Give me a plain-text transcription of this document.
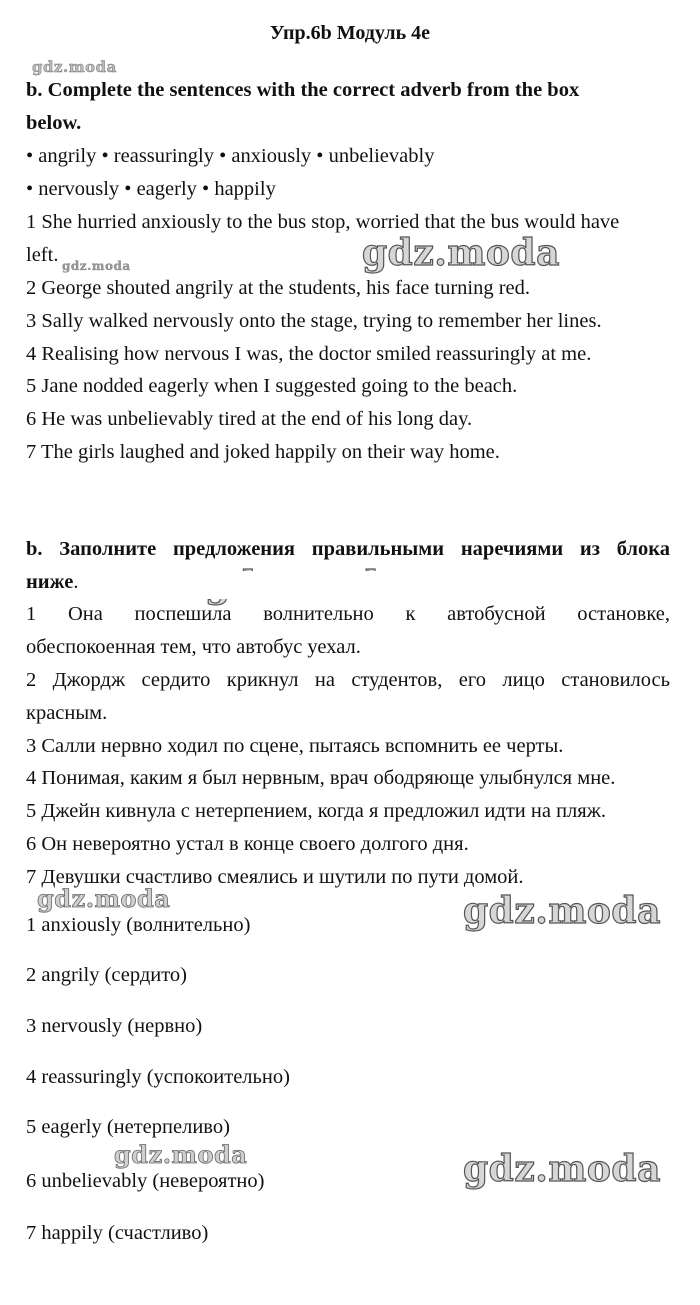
Упр.6b Модуль 4e
gdz.moda
gdz.moda
gdz.moda
gdz.moda	gdz.moda
gdz.moda	gdz.moda
b. Complete the sentences with the correct adverb from the box
below.
• angrily • reassuringly • anxiously • unbelievably
• nervously • eagerly • happily
1 She hurried anxiously to the bus stop, worried that the bus would have
left.
2 George shouted angrily at the students, his face turning red.
3 Sally walked nervously onto the stage, trying to remember her lines.
4 Realising how nervous I was, the doctor smiled reassuringly at me.
5 Jane nodded eagerly when I suggested going to the beach.
6 He was unbelievably tired at the end of his long day.
7 The girls laughed and joked happily on their way home.
b. Заполните предложения правильными наречиями из блока
ниже.
1 Она поспешила волнительно к автобусной остановке,
обеспокоенная тем, что автобус уехал.
2 Джордж сердито крикнул на студентов, его лицо становилось
красным.
3 Салли нервно ходил по сцене, пытаясь вспомнить ее черты.
4 Понимая, каким я был нервным, врач ободряюще улыбнулся мне.
5 Джейн кивнула с нетерпением, когда я предложил идти на пляж.
6 Он невероятно устал в конце своего долгого дня.
7 Девушки счастливо смеялись и шутили по пути домой.
1 anxiously (волнительно)
2 angrily (сердито)
3 nervously (нервно)
4 reassuringly (успокоительно)
5 eagerly (нетерпеливо)
6 unbelievably (невероятно)
7 happily (счастливо)
